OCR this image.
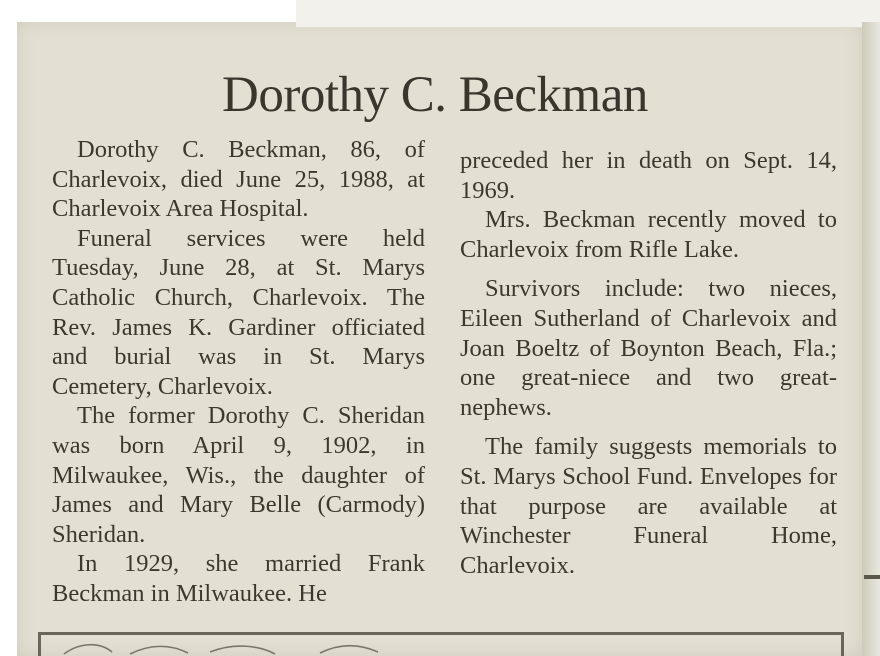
Dorothy C. Beckman

Dorothy C. Beckman, 86, of Charlevoix, died June 25, 1988, at Charlevoix Area Hospital.

Funeral services were held Tuesday, June 28, at St. Marys Catholic Church, Charlevoix. The Rev. James K. Gardiner officiated and burial was in St. Marys Cemetery, Charlevoix.

The former Dorothy C. Sheridan was born April 9, 1902, in Milwaukee, Wis., the daughter of James and Mary Belle (Carmody) Sheridan.

In 1929, she married Frank Beckman in Milwaukee. He

preceded her in death on Sept. 14, 1969.

Mrs. Beckman recently moved to Charlevoix from Rifle Lake.

Survivors include: two nieces, Eileen Sutherland of Charlevoix and Joan Boeltz of Boynton Beach, Fla.; one great-niece and two great-nephews.

The family suggests memorials to St. Marys School Fund. Envelopes for that purpose are available at Winchester Funeral Home, Charlevoix.
